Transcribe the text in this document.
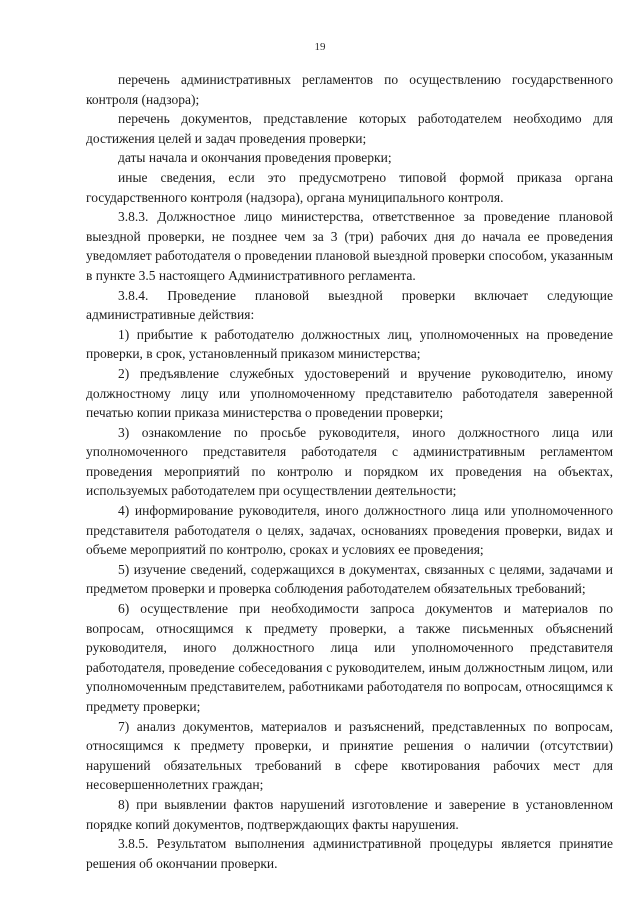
19

перечень административных регламентов по осуществлению государственного контроля (надзора);

перечень документов, представление которых работодателем необходимо для достижения целей и задач проведения проверки;

даты начала и окончания проведения проверки;

иные сведения, если это предусмотрено типовой формой приказа органа государственного контроля (надзора), органа муниципального контроля.

3.8.3. Должностное лицо министерства, ответственное за проведение плановой выездной проверки, не позднее чем за 3 (три) рабочих дня до начала ее проведения уведомляет работодателя о проведении плановой выездной проверки способом, указанным в пункте 3.5 настоящего Административного регламента.

3.8.4. Проведение плановой выездной проверки включает следующие административные действия:

1) прибытие к работодателю должностных лиц, уполномоченных на проведение проверки, в срок, установленный приказом министерства;

2) предъявление служебных удостоверений и вручение руководителю, иному должностному лицу или уполномоченному представителю работодателя заверенной печатью копии приказа министерства о проведении проверки;

3) ознакомление по просьбе руководителя, иного должностного лица или уполномоченного представителя работодателя с административным регламентом проведения мероприятий по контролю и порядком их проведения на объектах, используемых работодателем при осуществлении деятельности;

4) информирование руководителя, иного должностного лица или уполномоченного представителя работодателя о целях, задачах, основаниях проведения проверки, видах и объеме мероприятий по контролю, сроках и условиях ее проведения;

5) изучение сведений, содержащихся в документах, связанных с целями, задачами и предметом проверки и проверка соблюдения работодателем обязательных требований;

6) осуществление при необходимости запроса документов и материалов по вопросам, относящимся к предмету проверки, а также письменных объяснений руководителя, иного должностного лица или уполномоченного представителя работодателя, проведение собеседования с руководителем, иным должностным лицом, или уполномоченным представителем, работниками работодателя по вопросам, относящимся к предмету проверки;

7) анализ документов, материалов и разъяснений, представленных по вопросам, относящимся к предмету проверки, и принятие решения о наличии (отсутствии) нарушений обязательных требований в сфере квотирования рабочих мест для несовершеннолетних граждан;

8) при выявлении фактов нарушений изготовление и заверение в установленном порядке копий документов, подтверждающих факты нарушения.

3.8.5. Результатом выполнения административной процедуры является принятие решения об окончании проверки.
